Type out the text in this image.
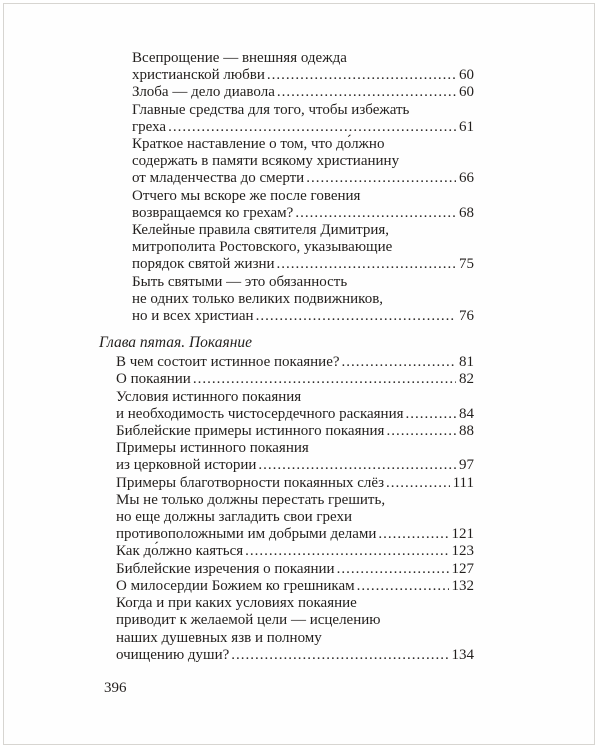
Всепрощение — внешняя одежда
христианской любви .....	60
Злоба — дело диавола .....	60
Главные средства для того, чтобы избежать
греха .....	61
Краткое наставление о том, что до́лжно
содержать в памяти всякому христианину
от младенчества до смерти .....	66
Отчего мы вскоре же после говения
возвращаемся ко грехам? .....	68
Келейные правила святителя Димитрия,
митрополита Ростовского, указывающие
порядок святой жизни .....	75
Быть святыми — это обязанность
не одних только великих подвижников,
но и всех христиан .....	76
Глава пятая. Покаяние
В чем состоит истинное покаяние? .....	81
О покаянии .....	82
Условия истинного покаяния
и необходимость чистосердечного раскаяния .....	84
Библейские примеры истинного покаяния .....	88
Примеры истинного покаяния
из церковной истории .....	97
Примеры благотворности покаянных слёз .....	111
Мы не только должны перестать грешить,
но еще должны загладить свои грехи
противоположными им добрыми делами .....	121
Как до́лжно каяться .....	123
Библейские изречения о покаянии .....	127
О милосердии Божием ко грешникам .....	132
Когда и при каких условиях покаяние
приводит к желаемой цели — исцелению
наших душевных язв и полному
очищению души? .....	134
396
